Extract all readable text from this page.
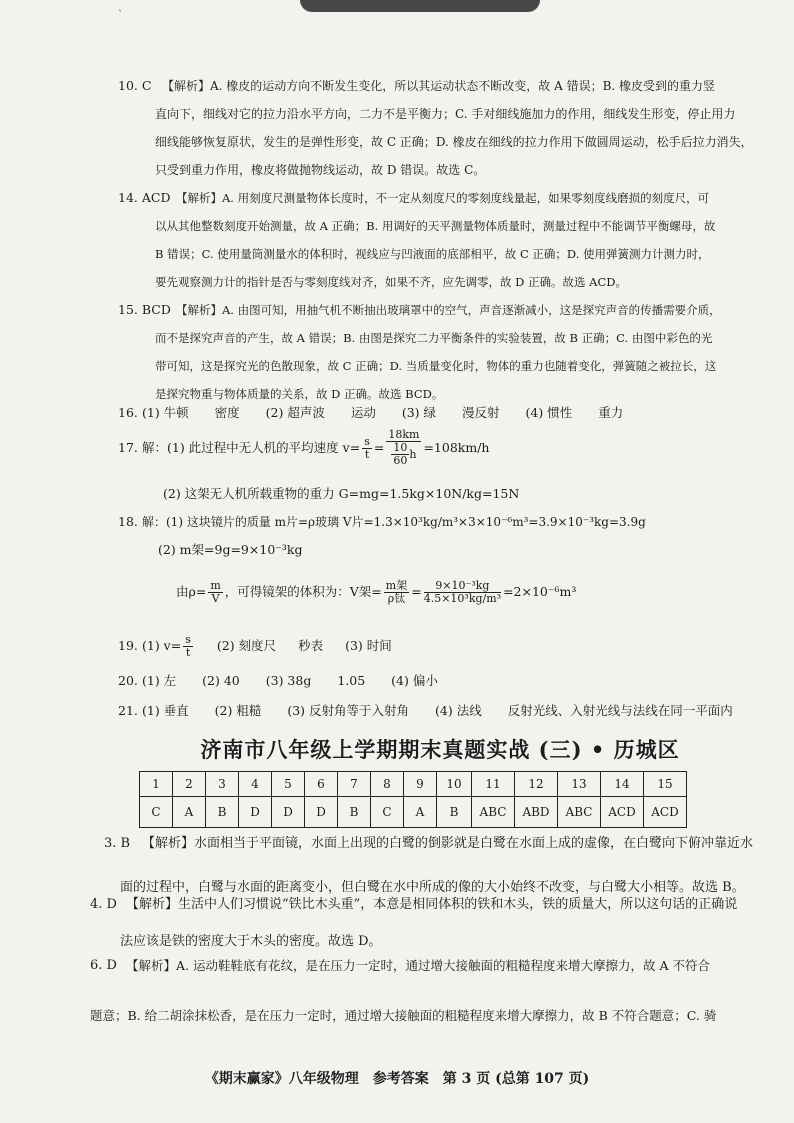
`
10. C 【解析】A. 橡皮的运动方向不断发生变化，所以其运动状态不断改变，故 A 错误；B. 橡皮受到的重力竖
直向下，细线对它的拉力沿水平方向，二力不是平衡力；C. 手对细线施加力的作用，细线发生形变，停止用力
细线能够恢复原状，发生的是弹性形变，故 C 正确；D. 橡皮在细线的拉力作用下做圆周运动，松手后拉力消失，
只受到重力作用，橡皮将做抛物线运动，故 D 错误。故选 C。
14. ACD 【解析】A. 用刻度尺测量物体长度时，不一定从刻度尺的零刻度线量起，如果零刻度线磨损的刻度尺，可
以从其他整数刻度开始测量，故 A 正确；B. 用调好的天平测量物体质量时，测量过程中不能调节平衡螺母，故
B 错误；C. 使用量筒测量水的体积时，视线应与凹液面的底部相平，故 C 正确；D. 使用弹簧测力计测力时，
要先观察测力计的指针是否与零刻度线对齐，如果不齐，应先调零，故 D 正确。故选 ACD。
15. BCD 【解析】A. 由图可知，用抽气机不断抽出玻璃罩中的空气，声音逐渐减小，这是探究声音的传播需要介质，
而不是探究声音的产生，故 A 错误；B. 由图是探究二力平衡条件的实验装置，故 B 正确；C. 由图中彩色的光
带可知，这是探究光的色散现象，故 C 正确；D. 当质量变化时，物体的重力也随着变化，弹簧随之被拉长，这
是探究物重与物体质量的关系，故 D 正确。故选 BCD。
16. (1) 牛顿 密度 (2) 超声波 运动 (3) 绿 漫反射 (4) 惯性 重力
17. 解：(1) 此过程中无人机的平均速度 $v= \frac{s}{t} = \frac{18km}{\frac{10}{60} h} =108km/h$
(2) 这架无人机所载重物的重力 G=mg=1.5kg×10N/kg=15N
18. 解：(1) 这块镜片的质量 m片=ρ玻璃 V片=1.3×10³kg/m³×3×10⁻⁶m³=3.9×10⁻³kg=3.9g
(2) m架=9g=9×10⁻³kg
由$\rho= \frac{m}{V}$ ，可得镜架的体积为：V架= $\frac{\text{m架}}{\text{ρ钛}} = \frac{\text{9×10⁻³kg}}{\text{4.5×10³kg/m³}} =2\times 10^{-6}m^3$
19. (1) $v= \frac{s}{t} (2)$ 刻度尺 秒表 (3) 时间
20. (1) 左 (2) 40 (3) 38g 1.05 (4) 偏小
21. (1) 垂直 (2) 粗糙 (3) 反射角等于入射角 (4) 法线 反射光线、入射光线与法线在同一平面内
济南市八年级上学期期末真题实战 (三) • 历城区
1	2	3	4	5	6	7	8	9	10	11	12	13	14	15
C	A	B	D	D	D	B	C	A	B	ABC	ABD	ABC	ACD	ACD
3. B 【解析】水面相当于平面镜，水面上出现的白鹭的倒影就是白鹭在水面上成的虚像，在白鹭向下俯冲靠近水
面的过程中，白鹭与水面的距离变小，但白鹭在水中所成的像的大小始终不改变，与白鹭大小相等。故选 B。
4. D 【解析】生活中人们习惯说“铁比木头重”，本意是相同体积的铁和木头，铁的质量大，所以这句话的正确说
法应该是铁的密度大于木头的密度。故选 D。
6. D 【解析】A. 运动鞋鞋底有花纹，是在压力一定时，通过增大接触面的粗糙程度来增大摩擦力，故 A 不符合
题意；B. 给二胡涂抹松香，是在压力一定时，通过增大接触面的粗糙程度来增大摩擦力，故 B 不符合题意；C. 骑
《期末赢家》八年级物理　参考答案　第 3 页 (总第 107 页)
